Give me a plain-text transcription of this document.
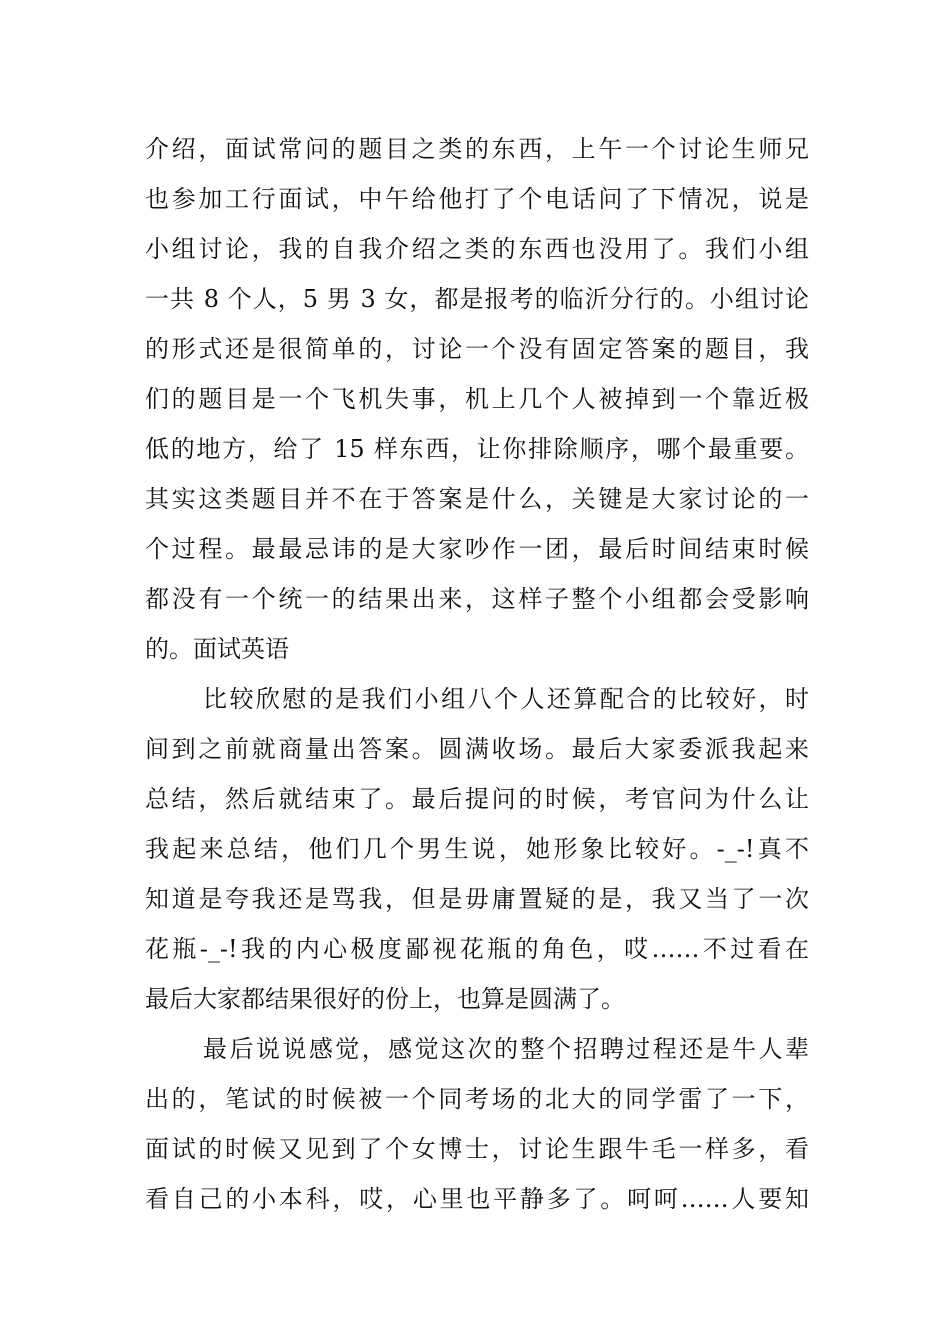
介绍，面试常问的题目之类的东西，上午一个讨论生师兄
也参加工行面试，中午给他打了个电话问了下情况，说是
小组讨论，我的自我介绍之类的东西也没用了。我们小组
一共 8 个人，5 男 3 女，都是报考的临沂分行的。小组讨论
的形式还是很简单的，讨论一个没有固定答案的题目，我
们的题目是一个飞机失事，机上几个人被掉到一个靠近极
低的地方，给了 15 样东西，让你排除顺序，哪个最重要。
其实这类题目并不在于答案是什么，关键是大家讨论的一
个过程。最最忌讳的是大家吵作一团，最后时间结束时候
都没有一个统一的结果出来，这样子整个小组都会受影响
的。面试英语
比较欣慰的是我们小组八个人还算配合的比较好，时
间到之前就商量出答案。圆满收场。最后大家委派我起来
总结，然后就结束了。最后提问的时候，考官问为什么让
我起来总结，他们几个男生说，她形象比较好。-_-!真不
知道是夸我还是骂我，但是毋庸置疑的是，我又当了一次
花瓶-_-!我的内心极度鄙视花瓶的角色，哎……不过看在
最后大家都结果很好的份上，也算是圆满了。
最后说说感觉，感觉这次的整个招聘过程还是牛人辈
出的，笔试的时候被一个同考场的北大的同学雷了一下，
面试的时候又见到了个女博士，讨论生跟牛毛一样多，看
看自己的小本科，哎，心里也平静多了。呵呵……人要知
